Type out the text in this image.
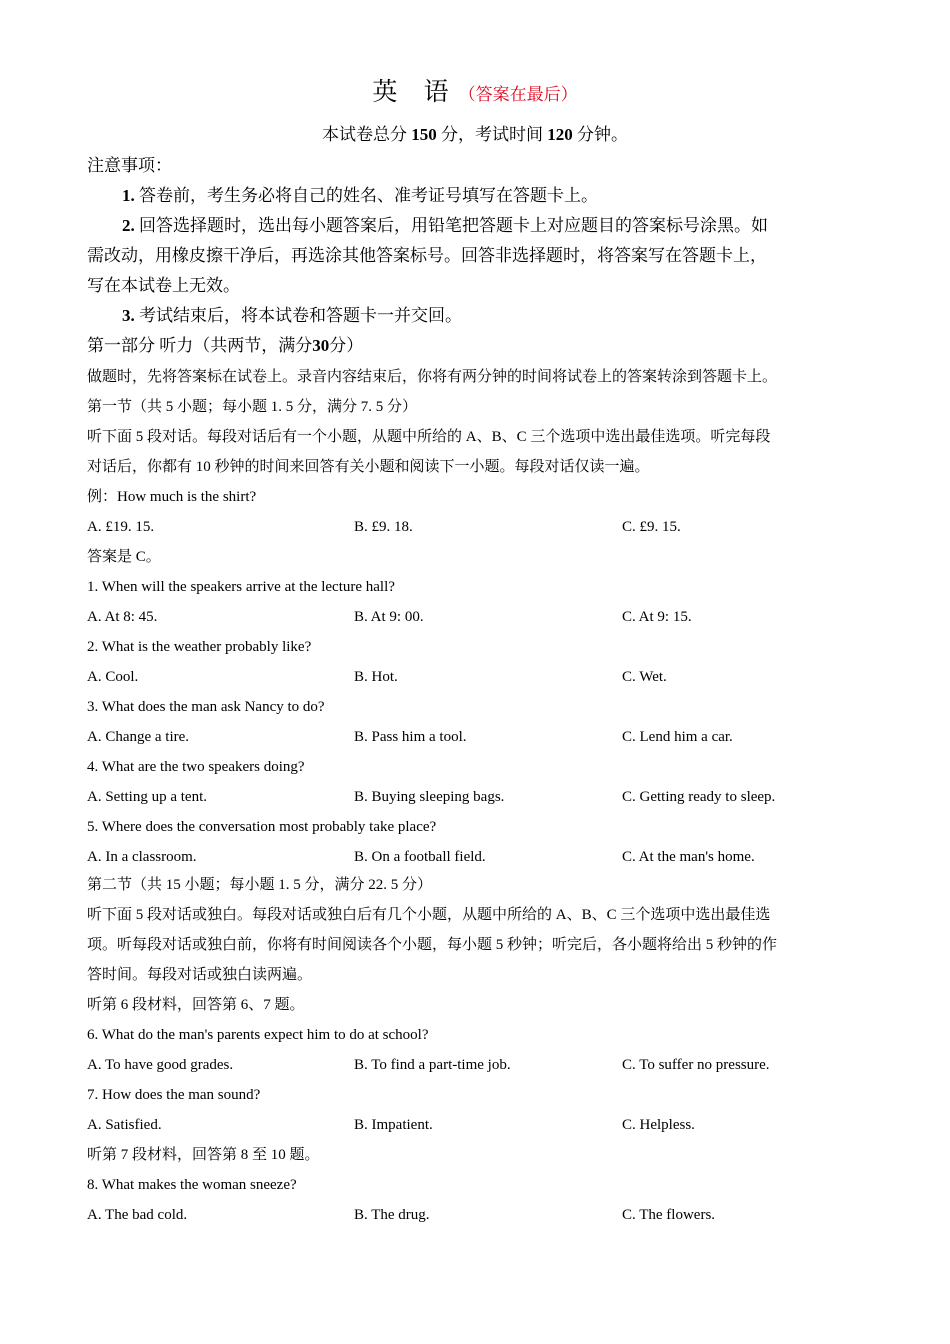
英 语（答案在最后）
本试卷总分 150 分，考试时间 120 分钟。
注意事项：
1. 答卷前，考生务必将自己的姓名、准考证号填写在答题卡上。
2. 回答选择题时，选出每小题答案后，用铅笔把答题卡上对应题目的答案标号涂黑。如
需改动，用橡皮擦干净后，再选涂其他答案标号。回答非选择题时，将答案写在答题卡上，
写在本试卷上无效。
3. 考试结束后，将本试卷和答题卡一并交回。
第一部分 听力（共两节，满分30分）
做题时，先将答案标在试卷上。录音内容结束后，你将有两分钟的时间将试卷上的答案转涂到答题卡上。
第一节（共 5 小题；每小题 1. 5 分，满分 7. 5 分）
听下面 5 段对话。每段对话后有一个小题，从题中所给的 A、B、C 三个选项中选出最佳选项。听完每段
对话后，你都有 10 秒钟的时间来回答有关小题和阅读下一小题。每段对话仅读一遍。
例：How much is the shirt?
A. £19. 15.	B. £9. 18.	C. £9. 15.
答案是 C。
1. When will the speakers arrive at the lecture hall?
A. At 8: 45.	B. At 9: 00.	C. At 9: 15.
2. What is the weather probably like?
A. Cool.	B. Hot.	C. Wet.
3. What does the man ask Nancy to do?
A. Change a tire.	B. Pass him a tool.	C. Lend him a car.
4. What are the two speakers doing?
A. Setting up a tent.	B. Buying sleeping bags.	C. Getting ready to sleep.
5. Where does the conversation most probably take place?
A. In a classroom.	B. On a football field.	C. At the man's home.
第二节（共 15 小题；每小题 1. 5 分，满分 22. 5 分）
听下面 5 段对话或独白。每段对话或独白后有几个小题，从题中所给的 A、B、C 三个选项中选出最佳选
项。听每段对话或独白前，你将有时间阅读各个小题，每小题 5 秒钟；听完后，各小题将给出 5 秒钟的作
答时间。每段对话或独白读两遍。
听第 6 段材料，回答第 6、7 题。
6. What do the man's parents expect him to do at school?
A. To have good grades.	B. To find a part-time job.	C. To suffer no pressure.
7. How does the man sound?
A. Satisfied.	B. Impatient.	C. Helpless.
听第 7 段材料，回答第 8 至 10 题。
8. What makes the woman sneeze?
A. The bad cold.	B. The drug.	C. The flowers.
